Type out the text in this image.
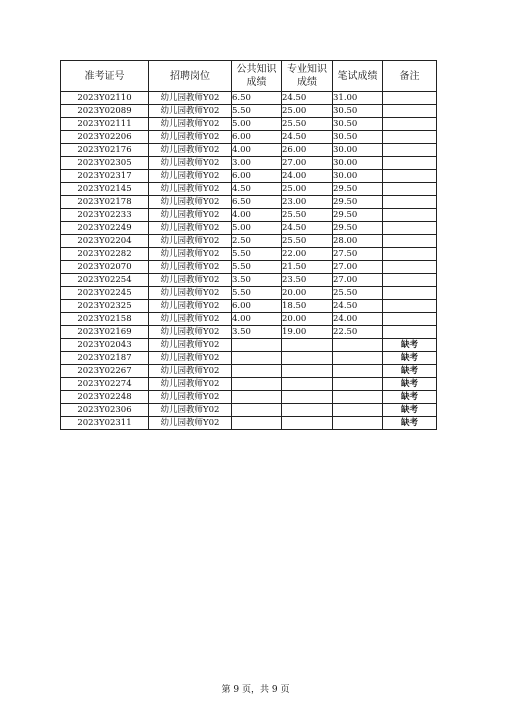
准考证号	招聘岗位	公共知识成绩	专业知识成绩	笔试成绩	备注
2023Y02110	幼儿园教师Y02	6.50	24.50	31.00	
2023Y02089	幼儿园教师Y02	5.50	25.00	30.50	
2023Y02111	幼儿园教师Y02	5.00	25.50	30.50	
2023Y02206	幼儿园教师Y02	6.00	24.50	30.50	
2023Y02176	幼儿园教师Y02	4.00	26.00	30.00	
2023Y02305	幼儿园教师Y02	3.00	27.00	30.00	
2023Y02317	幼儿园教师Y02	6.00	24.00	30.00	
2023Y02145	幼儿园教师Y02	4.50	25.00	29.50	
2023Y02178	幼儿园教师Y02	6.50	23.00	29.50	
2023Y02233	幼儿园教师Y02	4.00	25.50	29.50	
2023Y02249	幼儿园教师Y02	5.00	24.50	29.50	
2023Y02204	幼儿园教师Y02	2.50	25.50	28.00	
2023Y02282	幼儿园教师Y02	5.50	22.00	27.50	
2023Y02070	幼儿园教师Y02	5.50	21.50	27.00	
2023Y02254	幼儿园教师Y02	3.50	23.50	27.00	
2023Y02245	幼儿园教师Y02	5.50	20.00	25.50	
2023Y02325	幼儿园教师Y02	6.00	18.50	24.50	
2023Y02158	幼儿园教师Y02	4.00	20.00	24.00	
2023Y02169	幼儿园教师Y02	3.50	19.00	22.50	
2023Y02043	幼儿园教师Y02				缺考
2023Y02187	幼儿园教师Y02				缺考
2023Y02267	幼儿园教师Y02				缺考
2023Y02274	幼儿园教师Y02				缺考
2023Y02248	幼儿园教师Y02				缺考
2023Y02306	幼儿园教师Y02				缺考
2023Y02311	幼儿园教师Y02				缺考
第 9 页，共 9 页
